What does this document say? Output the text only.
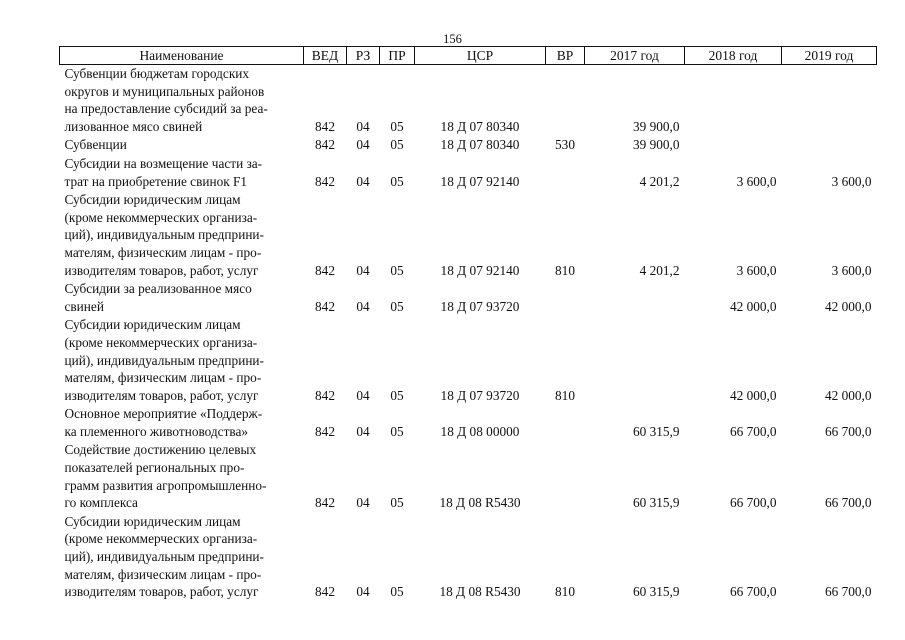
156
Наименование	ВЕД	РЗ	ПР	ЦСР	ВР	2017 год	2018 год	2019 год
Субвенции бюджетам городских
округов и муниципальных районов
на предоставление субсидий за реа-
лизованное мясо свиней	842	04	05	18 Д 07 80340		39 900,0		
Субвенции	842	04	05	18 Д 07 80340	530	39 900,0		
Субсидии на возмещение части за-
трат на приобретение свинок F1	842	04	05	18 Д 07 92140		4 201,2	3 600,0	3 600,0
Субсидии юридическим лицам
(кроме некоммерческих организа-
ций), индивидуальным предприни-
мателям, физическим лицам - про-
изводителям товаров, работ, услуг	842	04	05	18 Д 07 92140	810	4 201,2	3 600,0	3 600,0
Субсидии за реализованное мясо
свиней	842	04	05	18 Д 07 93720			42 000,0	42 000,0
Субсидии юридическим лицам
(кроме некоммерческих организа-
ций), индивидуальным предприни-
мателям, физическим лицам - про-
изводителям товаров, работ, услуг	842	04	05	18 Д 07 93720	810		42 000,0	42 000,0
Основное мероприятие «Поддерж-
ка племенного животноводства»	842	04	05	18 Д 08 00000		60 315,9	66 700,0	66 700,0
Содействие достижению целевых
показателей региональных про-
грамм развития агропромышленно-
го комплекса	842	04	05	18 Д 08 R5430		60 315,9	66 700,0	66 700,0
Субсидии юридическим лицам
(кроме некоммерческих организа-
ций), индивидуальным предприни-
мателям, физическим лицам - про-
изводителям товаров, работ, услуг	842	04	05	18 Д 08 R5430	810	60 315,9	66 700,0	66 700,0
